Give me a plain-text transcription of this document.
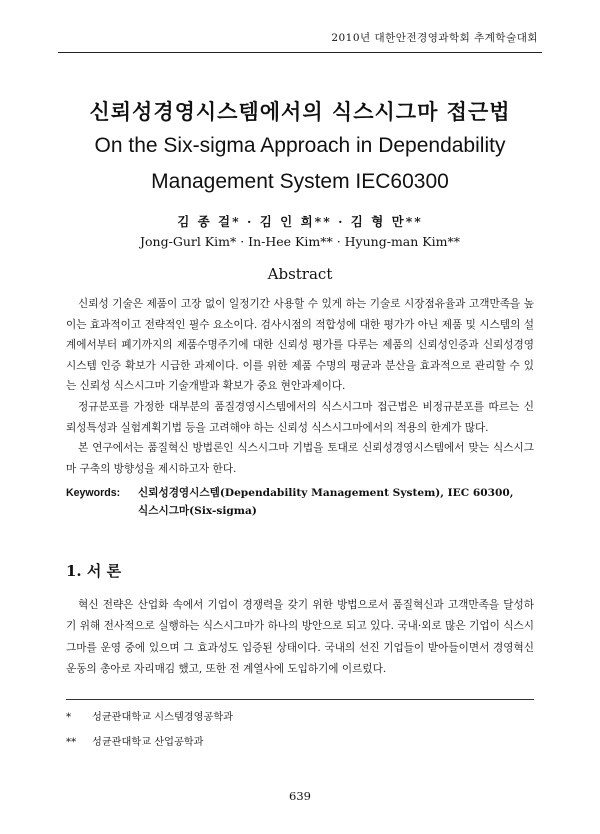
2010년 대한안전경영과학회 추계학술대회
신뢰성경영시스템에서의 식스시그마 접근법
On the Six-sigma Approach in Dependability
Management System IEC60300
김 종 걸* · 김 인 희** · 김 형 만**
Jong-Gurl Kim* · In-Hee Kim** · Hyung-man Kim**
Abstract

신뢰성 기술은 제품이 고장 없이 일정기간 사용할 수 있게 하는 기술로 시장점유율과 고객만족을 높이는 효과적이고 전략적인 필수 요소이다. 검사시점의 적합성에 대한 평가가 아닌 제품 및 시스템의 설계에서부터 폐기까지의 제품수명주기에 대한 신뢰성 평가를 다루는 제품의 신뢰성인증과 신뢰성경영시스템 인증 확보가 시급한 과제이다. 이를 위한 제품 수명의 평균과 분산을 효과적으로 관리할 수 있는 신뢰성 식스시그마 기술개발과 확보가 중요 현안과제이다.

정규분포를 가정한 대부분의 품질경영시스템에서의 식스시그마 접근법은 비정규분포를 따르는 신뢰성특성과 실험계획기법 등을 고려해야 하는 신뢰성 식스시그마에서의 적용의 한계가 많다.

본 연구에서는 품질혁신 방법론인 식스시그마 기법을 토대로 신뢰성경영시스템에서 맞는 식스시그마 구축의 방향성을 제시하고자 한다.

Keywords: 신뢰성경영시스템(Dependability Management System), IEC 60300,
식스시그마(Six-sigma)
1. 서 론

혁신 전략은 산업화 속에서 기업이 경쟁력을 갖기 위한 방법으로서 품질혁신과 고객만족을 달성하기 위해 전사적으로 실행하는 식스시그마가 하나의 방안으로 되고 있다. 국내·외로 많은 기업이 식스시그마를 운영 중에 있으며 그 효과성도 입증된 상태이다. 국내의 선진 기업들이 받아들이면서 경영혁신 운동의 총아로 자리매김 했고, 또한 전 계열사에 도입하기에 이르렀다.

* 성균관대학교 시스템경영공학과
** 성균관대학교 산업공학과
639
